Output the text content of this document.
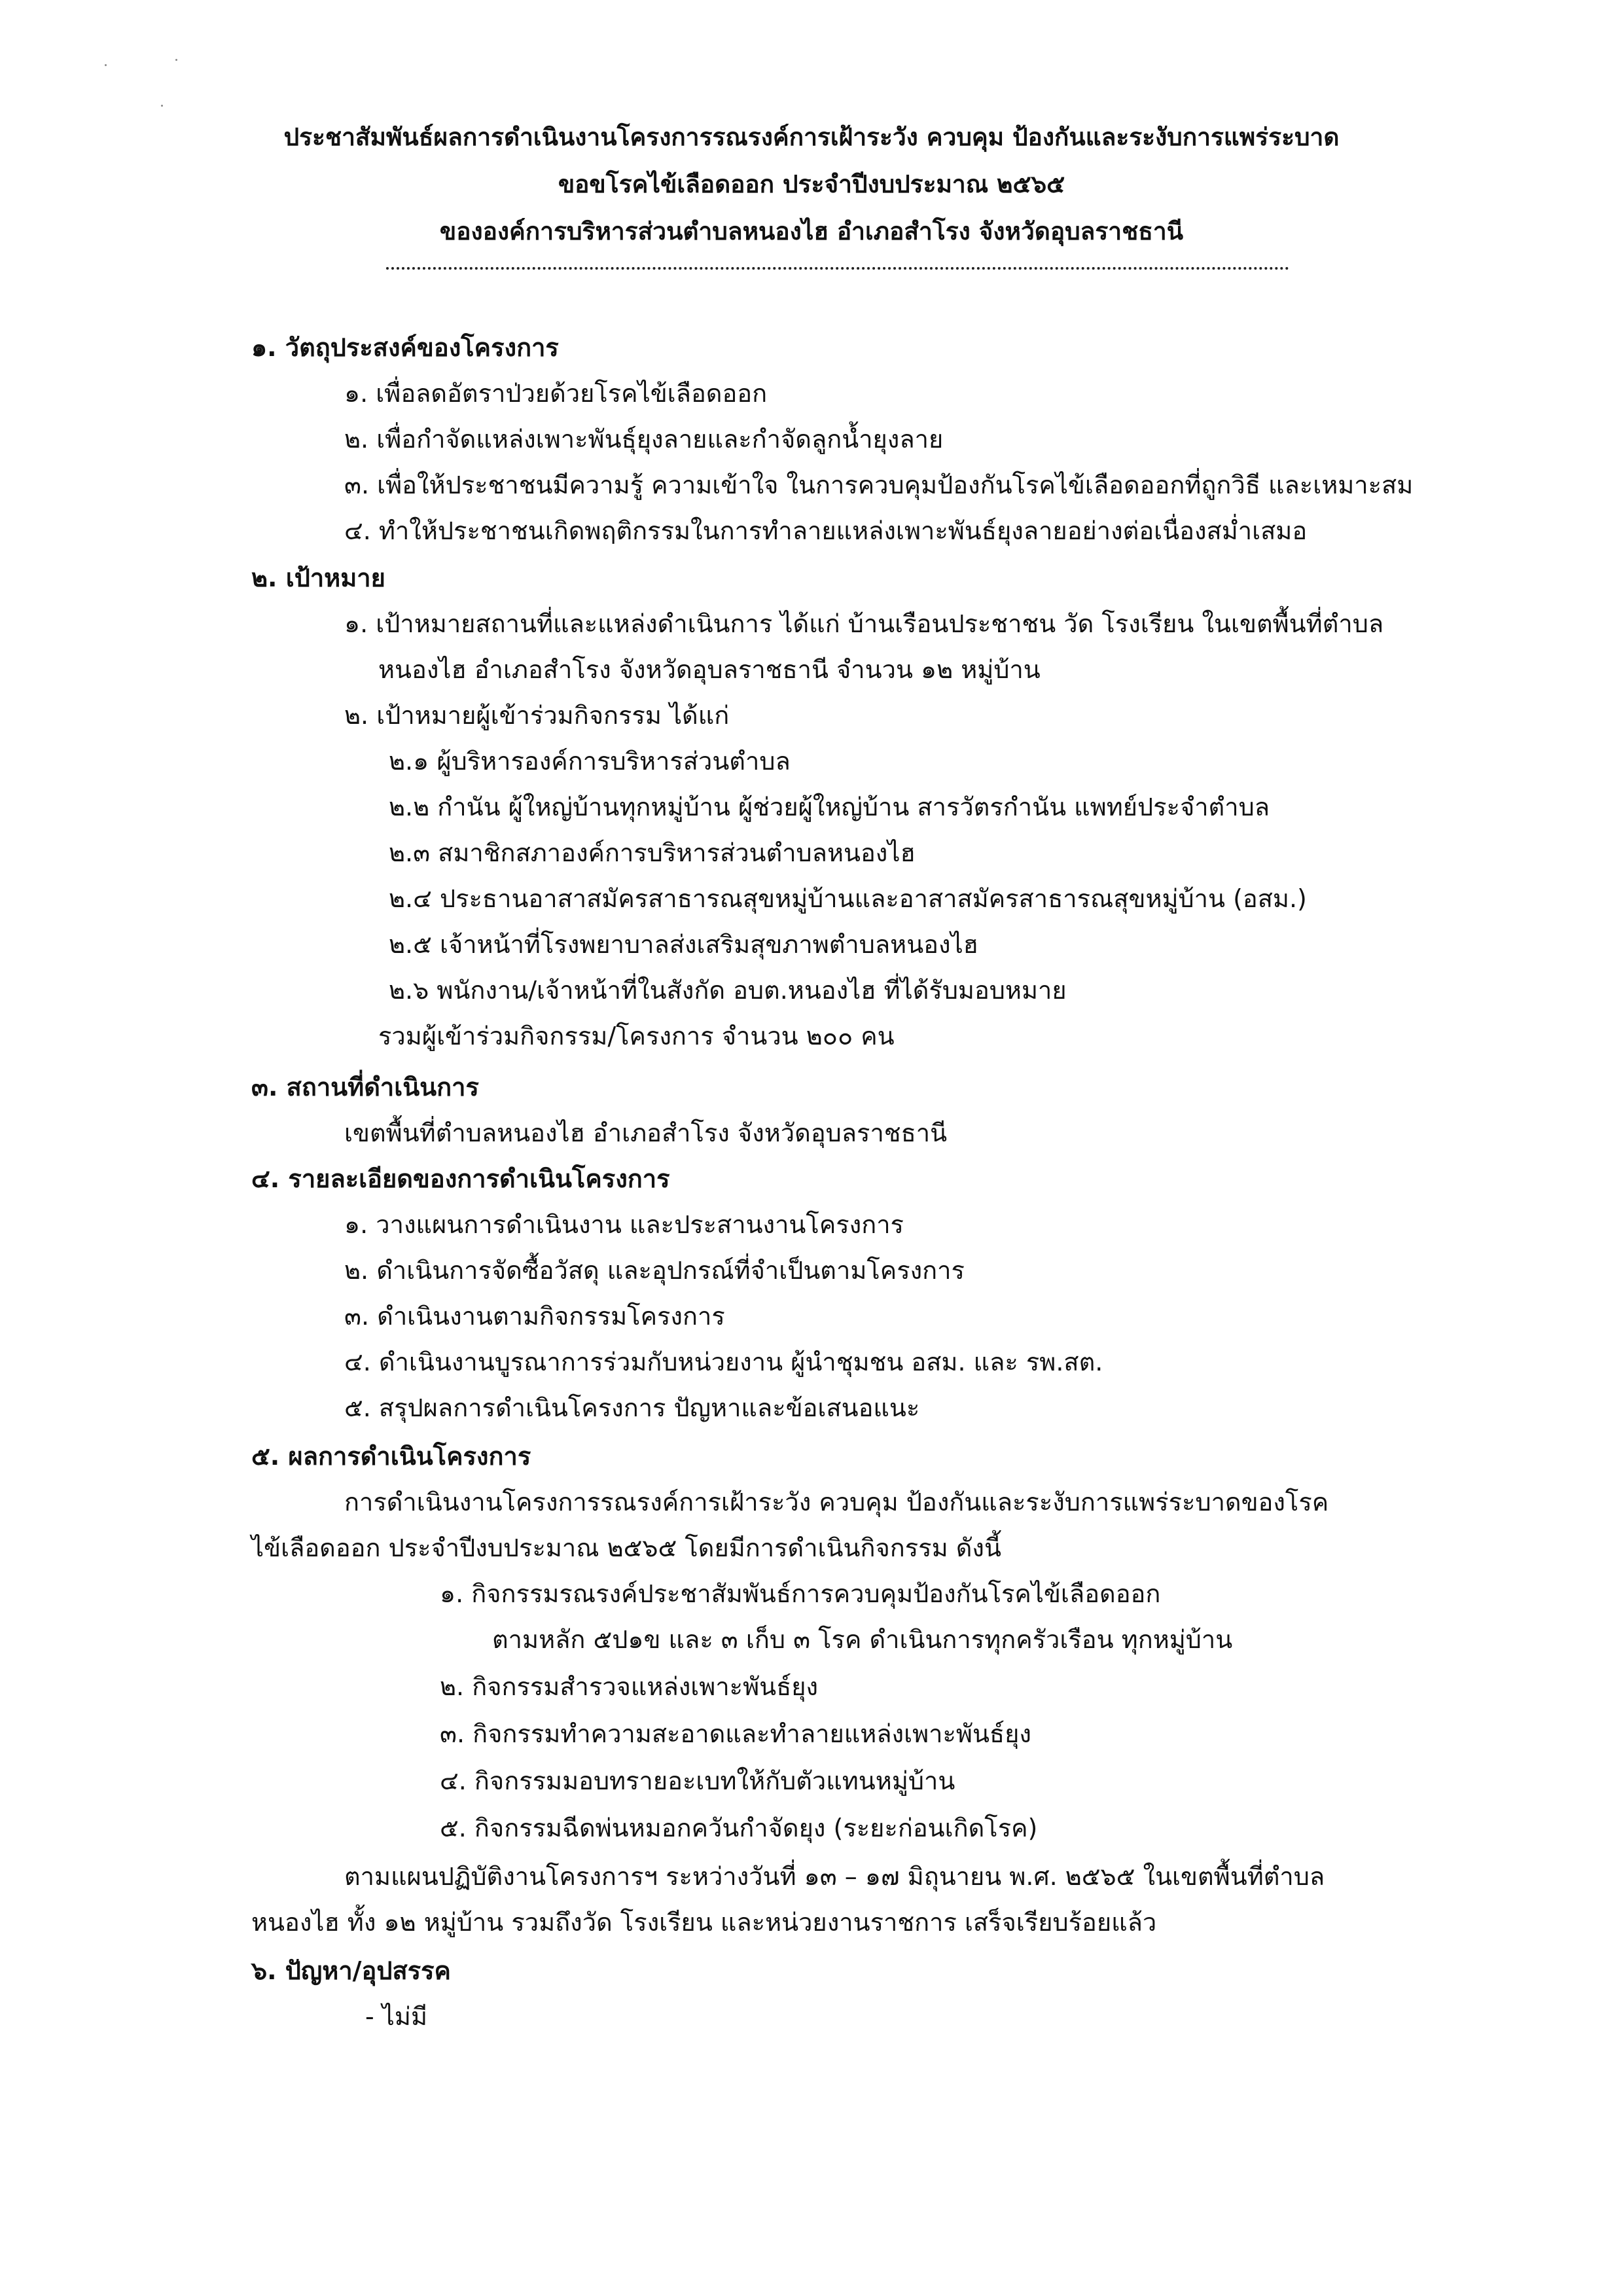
ประชาสัมพันธ์ผลการดำเนินงานโครงการรณรงค์การเฝ้าระวัง ควบคุม ป้องกันและระงับการแพร่ระบาด
ขอขโรคไข้เลือดออก ประจำปีงบประมาณ ๒๕๖๕
ขององค์การบริหารส่วนตำบลหนองไฮ อำเภอสำโรง จังหวัดอุบลราชธานี
๑. วัตถุประสงค์ของโครงการ
๑. เพื่อลดอัตราป่วยด้วยโรคไข้เลือดออก
๒. เพื่อกำจัดแหล่งเพาะพันธุ์ยุงลายและกำจัดลูกน้ำยุงลาย
๓. เพื่อให้ประชาชนมีความรู้ ความเข้าใจ ในการควบคุมป้องกันโรคไข้เลือดออกที่ถูกวิธี และเหมาะสม
๔. ทำให้ประชาชนเกิดพฤติกรรมในการทำลายแหล่งเพาะพันธ์ยุงลายอย่างต่อเนื่องสม่ำเสมอ
๒. เป้าหมาย
๑. เป้าหมายสถานที่และแหล่งดำเนินการ ได้แก่ บ้านเรือนประชาชน วัด โรงเรียน ในเขตพื้นที่ตำบล
หนองไฮ อำเภอสำโรง จังหวัดอุบลราชธานี จำนวน ๑๒ หมู่บ้าน
๒. เป้าหมายผู้เข้าร่วมกิจกรรม ได้แก่
๒.๑ ผู้บริหารองค์การบริหารส่วนตำบล
๒.๒ กำนัน ผู้ใหญ่บ้านทุกหมู่บ้าน ผู้ช่วยผู้ใหญ่บ้าน สารวัตรกำนัน แพทย์ประจำตำบล
๒.๓ สมาชิกสภาองค์การบริหารส่วนตำบลหนองไฮ
๒.๔ ประธานอาสาสมัครสาธารณสุขหมู่บ้านและอาสาสมัครสาธารณสุขหมู่บ้าน (อสม.)
๒.๕ เจ้าหน้าที่โรงพยาบาลส่งเสริมสุขภาพตำบลหนองไฮ
๒.๖ พนักงาน/เจ้าหน้าที่ในสังกัด อบต.หนองไฮ ที่ได้รับมอบหมาย
รวมผู้เข้าร่วมกิจกรรม/โครงการ จำนวน ๒๐๐ คน
๓. สถานที่ดำเนินการ
เขตพื้นที่ตำบลหนองไฮ อำเภอสำโรง จังหวัดอุบลราชธานี
๔. รายละเอียดของการดำเนินโครงการ
๑. วางแผนการดำเนินงาน และประสานงานโครงการ
๒. ดำเนินการจัดซื้อวัสดุ และอุปกรณ์ที่จำเป็นตามโครงการ
๓. ดำเนินงานตามกิจกรรมโครงการ
๔. ดำเนินงานบูรณาการร่วมกับหน่วยงาน ผู้นำชุมชน อสม. และ รพ.สต.
๕. สรุปผลการดำเนินโครงการ ปัญหาและข้อเสนอแนะ
๕. ผลการดำเนินโครงการ
การดำเนินงานโครงการรณรงค์การเฝ้าระวัง ควบคุม ป้องกันและระงับการแพร่ระบาดของโรค
ไข้เลือดออก ประจำปีงบประมาณ ๒๕๖๕ โดยมีการดำเนินกิจกรรม ดังนี้
๑. กิจกรรมรณรงค์ประชาสัมพันธ์การควบคุมป้องกันโรคไข้เลือดออก
ตามหลัก ๕ป๑ข และ ๓ เก็บ ๓ โรค ดำเนินการทุกครัวเรือน ทุกหมู่บ้าน
๒. กิจกรรมสำรวจแหล่งเพาะพันธ์ยุง
๓. กิจกรรมทำความสะอาดและทำลายแหล่งเพาะพันธ์ยุง
๔. กิจกรรมมอบทรายอะเบทให้กับตัวแทนหมู่บ้าน
๕. กิจกรรมฉีดพ่นหมอกควันกำจัดยุง (ระยะก่อนเกิดโรค)
ตามแผนปฏิบัติงานโครงการฯ ระหว่างวันที่ ๑๓ – ๑๗ มิถุนายน พ.ศ. ๒๕๖๕ ในเขตพื้นที่ตำบล
หนองไฮ ทั้ง ๑๒ หมู่บ้าน รวมถึงวัด โรงเรียน และหน่วยงานราชการ เสร็จเรียบร้อยแล้ว
๖. ปัญหา/อุปสรรค
- ไม่มี
